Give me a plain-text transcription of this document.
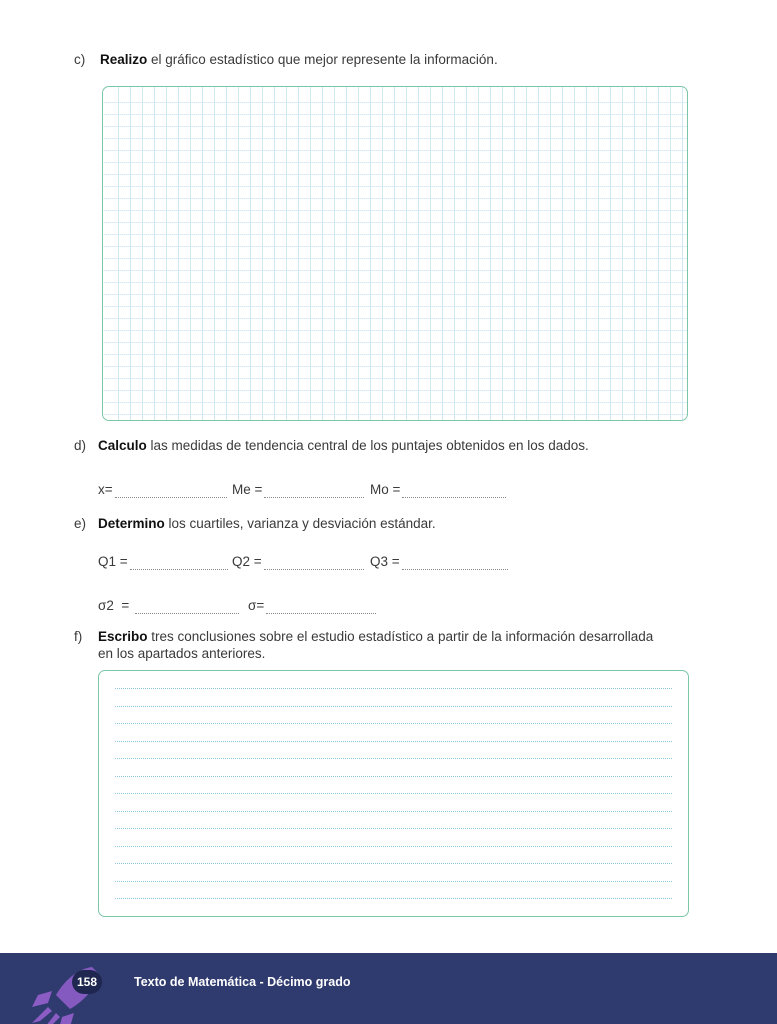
c) Realizo el gráfico estadístico que mejor represente la información.
d) Calculo las medidas de tendencia central de los puntajes obtenidos en los dados.
x=	Me =	Mo =
e) Determino los cuartiles, varianza y desviación estándar.
Q1 =	Q2 =	Q3 =
σ2  =	σ=
f) Escribo tres conclusiones sobre el estudio estadístico a partir de la información desarrollada
en los apartados anteriores.
158	Texto de Matemática - Décimo grado
